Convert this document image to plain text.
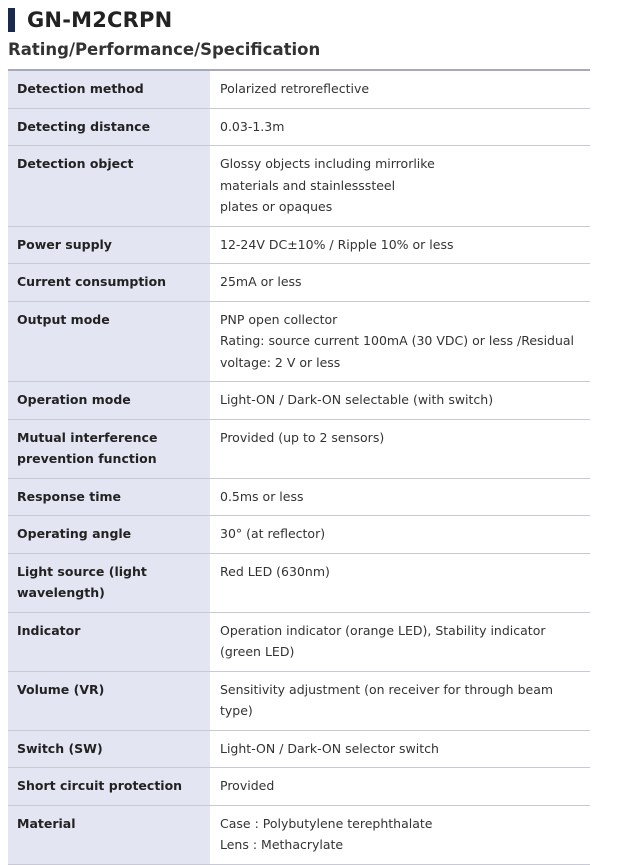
GN-M2CRPN
Rating/Performance/Specification
Detection method	Polarized retroreflective

Detecting distance	0.03-1.3m

Detection object	Glossy objects including mirrorlike
materials and stainlesssteel
plates or opaques

Power supply	12-24V DC±10% / Ripple 10% or less

Current consumption	25mA or less

Output mode	PNP open collector
Rating: source current 100mA (30 VDC) or less /Residual voltage: 2 V or less

Operation mode	Light-ON / Dark-ON selectable (with switch)

Mutual interference prevention function	Provided (up to 2 sensors)

Response time	0.5ms or less

Operating angle	30° (at reflector)

Light source (light wavelength)	Red LED (630nm)

Indicator	Operation indicator (orange LED), Stability indicator (green LED)

Volume (VR)	Sensitivity adjustment (on receiver for through beam type)

Switch (SW)	Light-ON / Dark-ON selector switch

Short circuit protection	Provided

Material	Case : Polybutylene terephthalate
Lens : Methacrylate
